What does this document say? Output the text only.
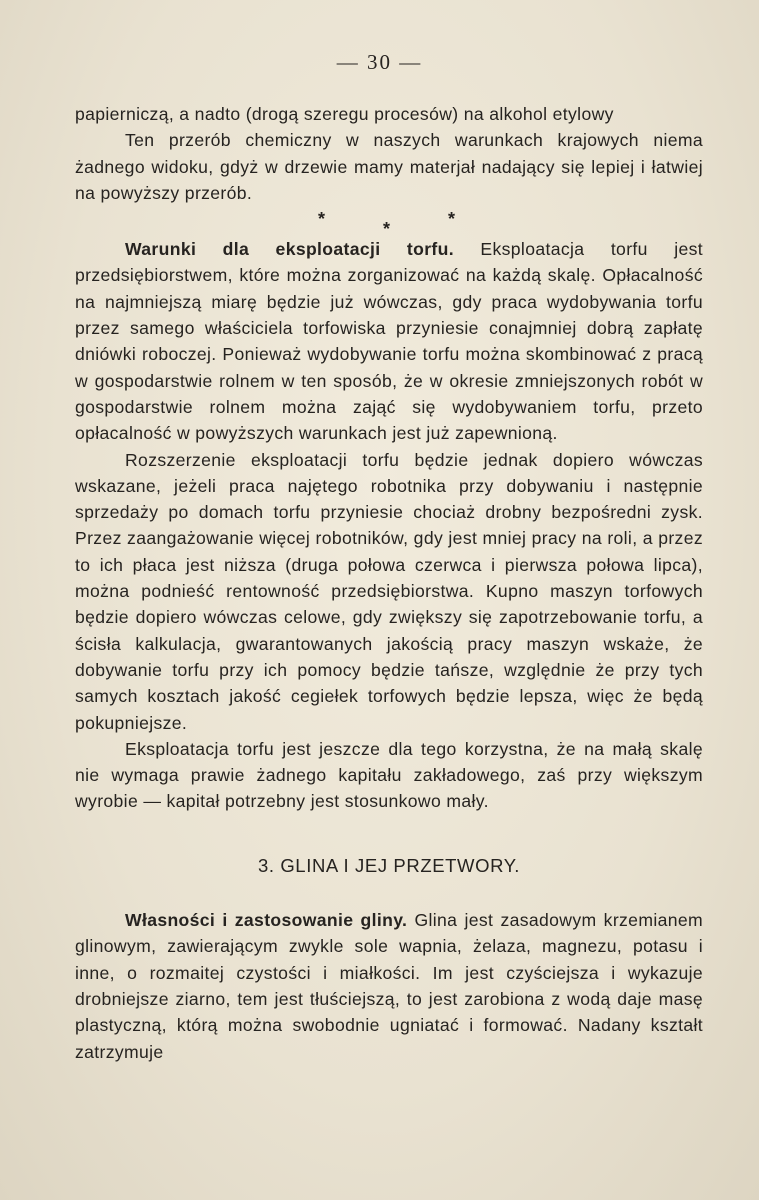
— 30 —

papierniczą, a nadto (drogą szeregu procesów) na alkohol etylowy

Ten przerób chemiczny w naszych warunkach krajowych niema żadnego widoku, gdyż w drzewie mamy materjał nadający się lepiej i łatwiej na powyższy przerób.

*	*	*

Warunki dla eksploatacji torfu. Eksploatacja torfu jest przedsiębiorstwem, które można zorganizować na każdą skalę. Opłacalność na najmniejszą miarę będzie już wówczas, gdy praca wydobywania torfu przez samego właściciela torfowiska przyniesie conajmniej dobrą zapłatę dniówki roboczej. Ponieważ wydobywanie torfu można skombinować z pracą w gospodarstwie rolnem w ten sposób, że w okresie zmniejszonych robót w gospodarstwie rolnem można zająć się wydobywaniem torfu, przeto opłacalność w powyższych warunkach jest już zapewnioną.

Rozszerzenie eksploatacji torfu będzie jednak dopiero wówczas wskazane, jeżeli praca najętego robotnika przy dobywaniu i następnie sprzedaży po domach torfu przyniesie chociaż drobny bezpośredni zysk. Przez zaangażowanie więcej robotników, gdy jest mniej pracy na roli, a przez to ich płaca jest niższa (druga połowa czerwca i pierwsza połowa lipca), można podnieść rentowność przedsiębiorstwa. Kupno maszyn torfowych będzie dopiero wówczas celowe, gdy zwiększy się zapotrzebowanie torfu, a ścisła kalkulacja, gwarantowanych jakością pracy maszyn wskaże, że dobywanie torfu przy ich pomocy będzie tańsze, względnie że przy tych samych kosztach jakość cegiełek torfowych będzie lepsza, więc że będą pokupniejsze.

Eksploatacja torfu jest jeszcze dla tego korzystna, że na małą skalę nie wymaga prawie żadnego kapitału zakładowego, zaś przy większym wyrobie — kapitał potrzebny jest stosunkowo mały.

3. GLINA I JEJ PRZETWORY.

Własności i zastosowanie gliny. Glina jest zasadowym krzemianem glinowym, zawierającym zwykle sole wapnia, żelaza, magnezu, potasu i inne, o rozmaitej czystości i miałkości. Im jest czyściejsza i wykazuje drobniejsze ziarno, tem jest tłuściejszą, to jest zarobiona z wodą daje masę plastyczną, którą można swobodnie ugniatać i formować. Nadany kształt zatrzymuje
